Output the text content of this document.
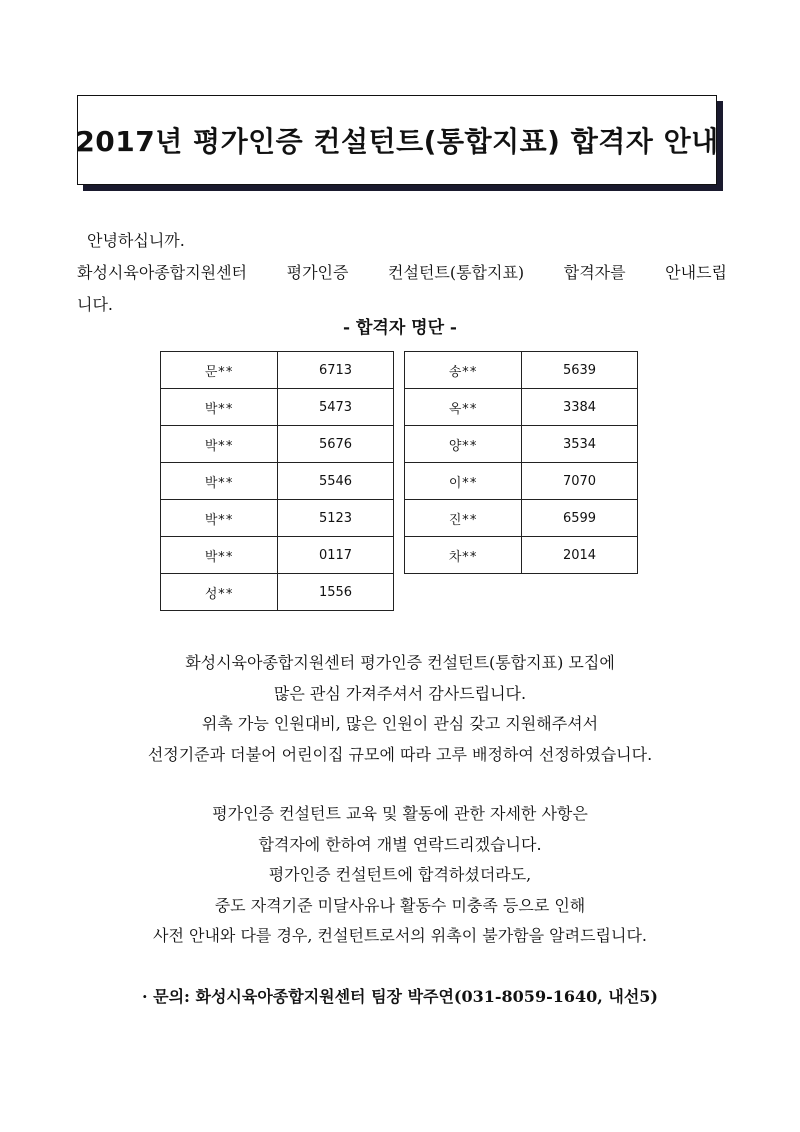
2017년 평가인증 컨설턴트(통합지표) 합격자 안내

안녕하십니까.

화성시육아종합지원센터 평가인증 컨설턴트(통합지표) 합격자를 안내드립

니다.

- 합격자 명단 -
문**	6713
박**	5473
박**	5676
박**	5546
박**	5123
박**	0117
성**	1556
송**	5639
옥**	3384
양**	3534
이**	7070
진**	6599
차**	2014

화성시육아종합지원센터 평가인증 컨설턴트(통합지표) 모집에

많은 관심 가져주셔서 감사드립니다.

위촉 가능 인원대비, 많은 인원이 관심 갖고 지원해주셔서

선정기준과 더불어 어린이집 규모에 따라 고루 배정하여 선정하였습니다.

평가인증 컨설턴트 교육 및 활동에 관한 자세한 사항은

합격자에 한하여 개별 연락드리겠습니다.

평가인증 컨설턴트에 합격하셨더라도,

중도 자격기준 미달사유나 활동수 미충족 등으로 인해

사전 안내와 다를 경우, 컨설턴트로서의 위촉이 불가함을 알려드립니다.

· 문의: 화성시육아종합지원센터 팀장 박주연(031-8059-1640, 내선5)
